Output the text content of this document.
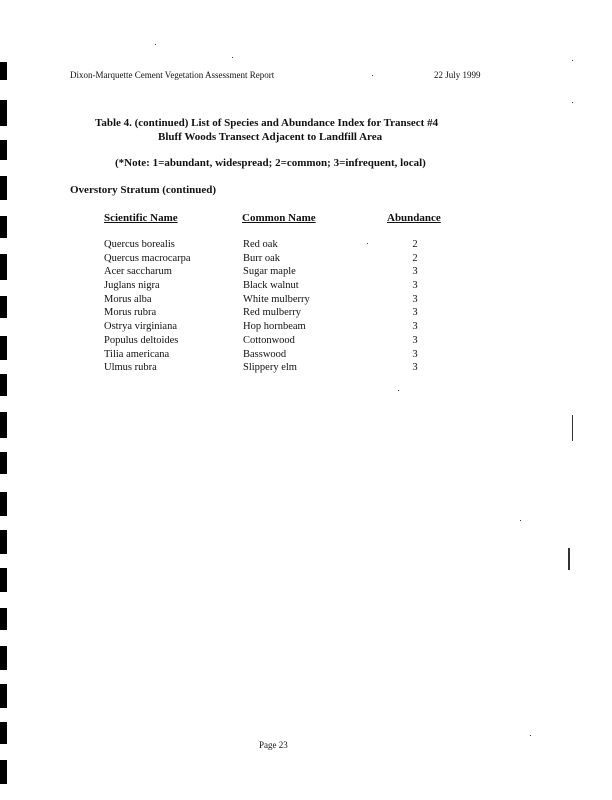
Dixon-Marquette Cement Vegetation Assessment Report	22 July 1999
Table 4. (continued) List of Species and Abundance Index for Transect #4
Bluff Woods Transect Adjacent to Landfill Area
(*Note: 1=abundant, widespread; 2=common; 3=infrequent, local)
Overstory Stratum (continued)
Scientific Name	Common Name	Abundance
Quercus borealis	Red oak	2
Quercus macrocarpa	Burr oak	2
Acer saccharum	Sugar maple	3
Juglans nigra	Black walnut	3
Morus alba	White mulberry	3
Morus rubra	Red mulberry	3
Ostrya virginiana	Hop hornbeam	3
Populus deltoides	Cottonwood	3
Tilia americana	Basswood	3
Ulmus rubra	Slippery elm	3
Page 23
